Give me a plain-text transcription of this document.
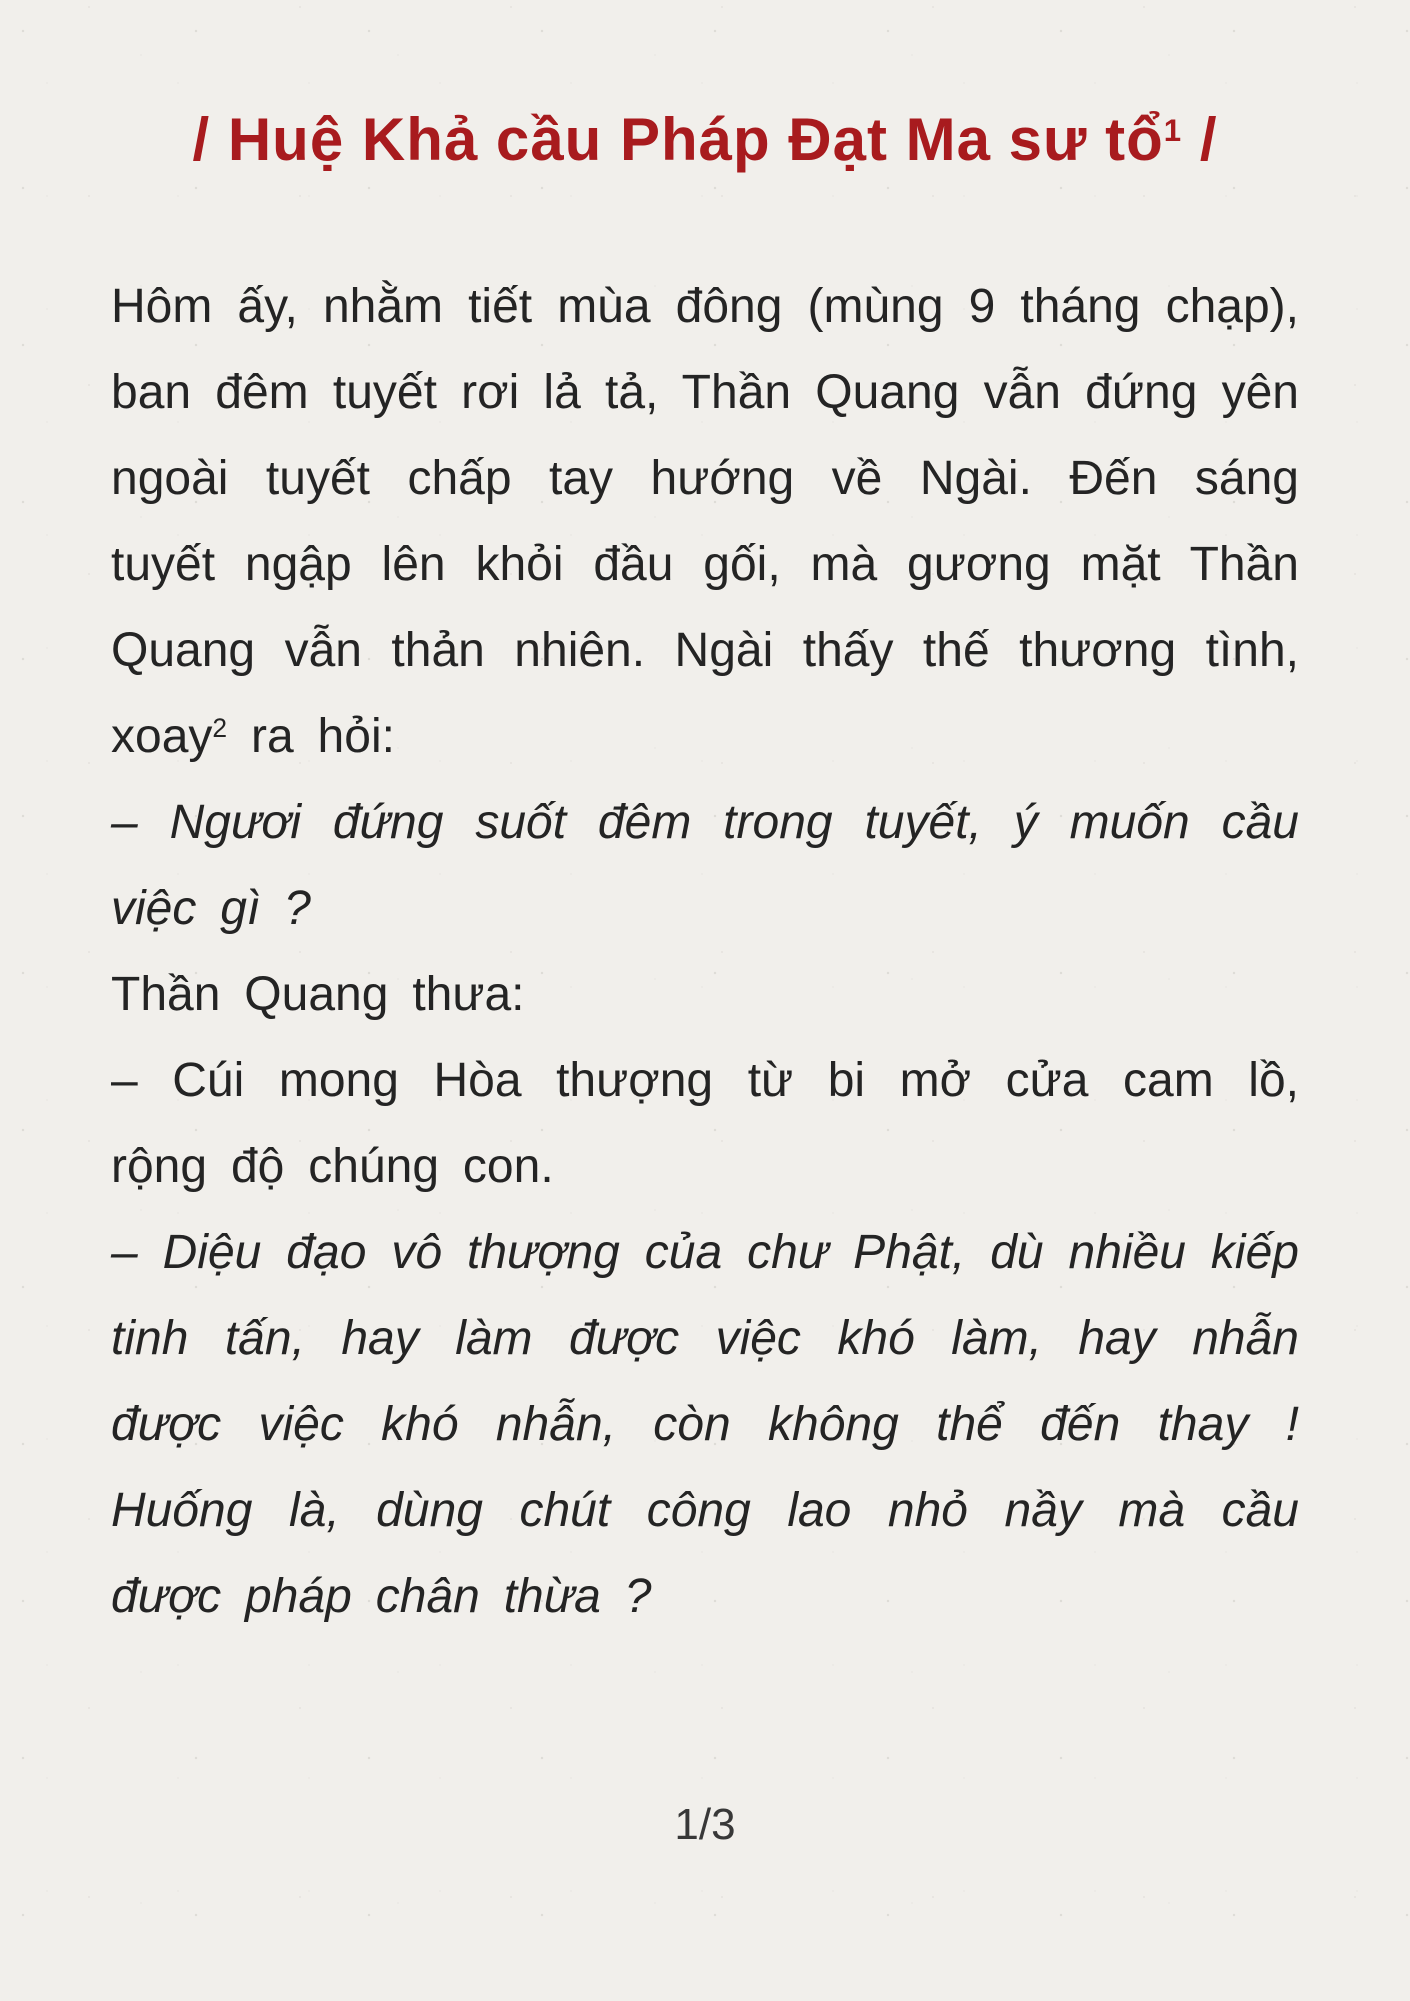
/ Huệ Khả cầu Pháp Đạt Ma sư tổ$^1$ /

Hôm ấy, nhằm tiết mùa đông (mùng 9 tháng chạp), ban đêm tuyết rơi lả tả, Thần Quang vẫn đứng yên ngoài tuyết chấp tay hướng về Ngài. Đến sáng tuyết ngập lên khỏi đầu gối, mà gương mặt Thần Quang vẫn thản nhiên. Ngài thấy thế thương tình, xoay$^2$ ra hỏi:

– Ngươi đứng suốt đêm trong tuyết, ý muốn cầu việc gì ?

Thần Quang thưa:

– Cúi mong Hòa thượng từ bi mở cửa cam lồ, rộng độ chúng con.

– Diệu đạo vô thượng của chư Phật, dù nhiều kiếp tinh tấn, hay làm được việc khó làm, hay nhẫn được việc khó nhẫn, còn không thể đến thay ! Huống là, dùng chút công lao nhỏ nầy mà cầu được pháp chân thừa ?

1/3
